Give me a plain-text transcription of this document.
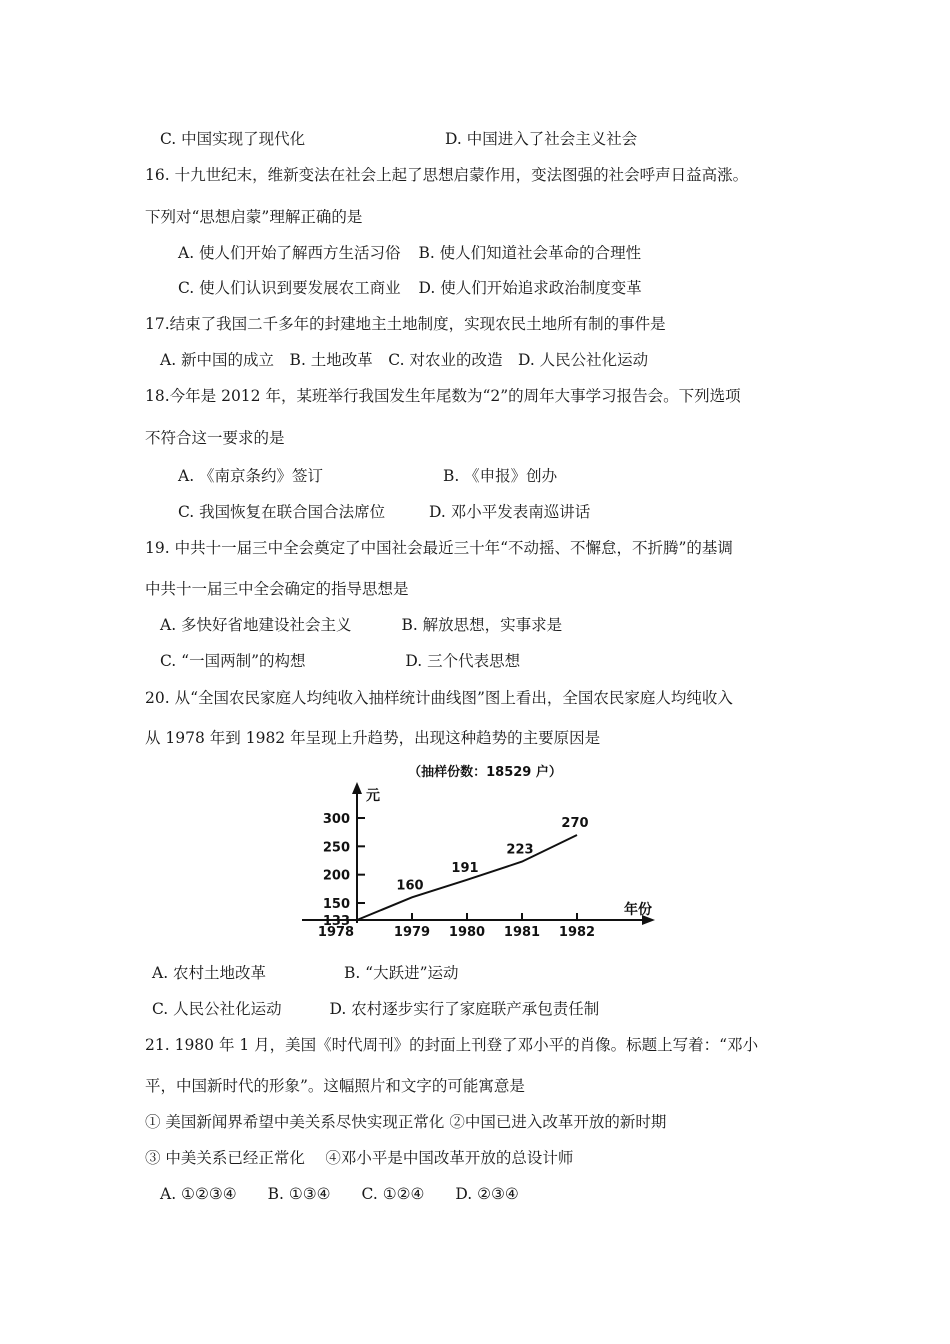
C. 中国实现了现代化	D. 中国进入了社会主义社会
16. 十九世纪末，维新变法在社会上起了思想启蒙作用，变法图强的社会呼声日益高涨。
下列对“思想启蒙”理解正确的是
A. 使人们开始了解西方生活习俗 B. 使人们知道社会革命的合理性
C. 使人们认识到要发展农工商业 D. 使人们开始追求政治制度变革
17.结束了我国二千多年的封建地主土地制度，实现农民土地所有制的事件是
A. 新中国的成立　B. 土地改革　C. 对农业的改造　D. 人民公社化运动
18.今年是 2012 年，某班举行我国发生年尾数为“2”的周年大事学习报告会。下列选项
不符合这一要求的是
A. 《南京条约》签订	B. 《申报》创办
C. 我国恢复在联合国合法席位	D. 邓小平发表南巡讲话
19. 中共十一届三中全会奠定了中国社会最近三十年“不动摇、不懈怠，不折腾”的基调
中共十一届三中全会确定的指导思想是
A. 多快好省地建设社会主义	B. 解放思想，实事求是
C. “一国两制”的构想	D. 三个代表思想
20. 从“全国农民家庭人均纯收入抽样统计曲线图”图上看出，全国农民家庭人均纯收入
从 1978 年到 1982 年呈现上升趋势，出现这种趋势的主要原因是
（抽样份数：18529 户）
元
年份
133
150
200
250
300
1978	1979 1980 1981 1982
160
191
223
270
A. 农村土地改革	B. “大跃进”运动
C. 人民公社化运动	D. 农村逐步实行了家庭联产承包责任制
21. 1980 年 1 月，美国《时代周刊》的封面上刊登了邓小平的肖像。标题上写着：“邓小
平，中国新时代的形象”。这幅照片和文字的可能寓意是
① 美国新闻界希望中美关系尽快实现正常化 ②中国已进入改革开放的新时期
③ 中美关系已经正常化　 ④邓小平是中国改革开放的总设计师
A. ①②③④　　B. ①③④　　C. ①②④　　D. ②③④
